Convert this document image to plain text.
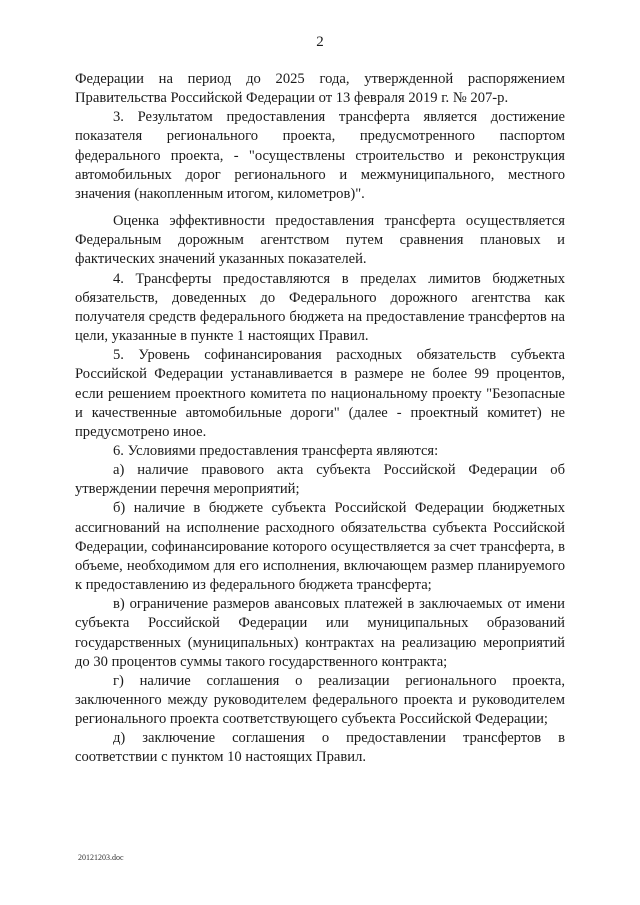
2

Федерации на период до 2025 года, утвержденной распоряжением Правительства Российской Федерации от 13 февраля 2019 г. № 207-р.

3. Результатом предоставления трансферта является достижение показателя регионального проекта, предусмотренного паспортом федерального проекта, - "осуществлены строительство и реконструкция автомобильных дорог регионального и межмуниципального, местного значения (накопленным итогом, километров)".

Оценка эффективности предоставления трансферта осуществляется Федеральным дорожным агентством путем сравнения плановых и фактических значений указанных показателей.

4. Трансферты предоставляются в пределах лимитов бюджетных обязательств, доведенных до Федерального дорожного агентства как получателя средств федерального бюджета на предоставление трансфертов на цели, указанные в пункте 1 настоящих Правил.

5. Уровень софинансирования расходных обязательств субъекта Российской Федерации устанавливается в размере не более 99 процентов, если решением проектного комитета по национальному проекту "Безопасные и качественные автомобильные дороги" (далее - проектный комитет) не предусмотрено иное.

6. Условиями предоставления трансферта являются:

а) наличие правового акта субъекта Российской Федерации об утверждении перечня мероприятий;

б) наличие в бюджете субъекта Российской Федерации бюджетных ассигнований на исполнение расходного обязательства субъекта Российской Федерации, софинансирование которого осуществляется за счет трансферта, в объеме, необходимом для его исполнения, включающем размер планируемого к предоставлению из федерального бюджета трансферта;

в) ограничение размеров авансовых платежей в заключаемых от имени субъекта Российской Федерации или муниципальных образований государственных (муниципальных) контрактах на реализацию мероприятий до 30 процентов суммы такого государственного контракта;

г) наличие соглашения о реализации регионального проекта, заключенного между руководителем федерального проекта и руководителем регионального проекта соответствующего субъекта Российской Федерации;

д) заключение соглашения о предоставлении трансфертов в соответствии с пунктом 10 настоящих Правил.

20121203.doc
